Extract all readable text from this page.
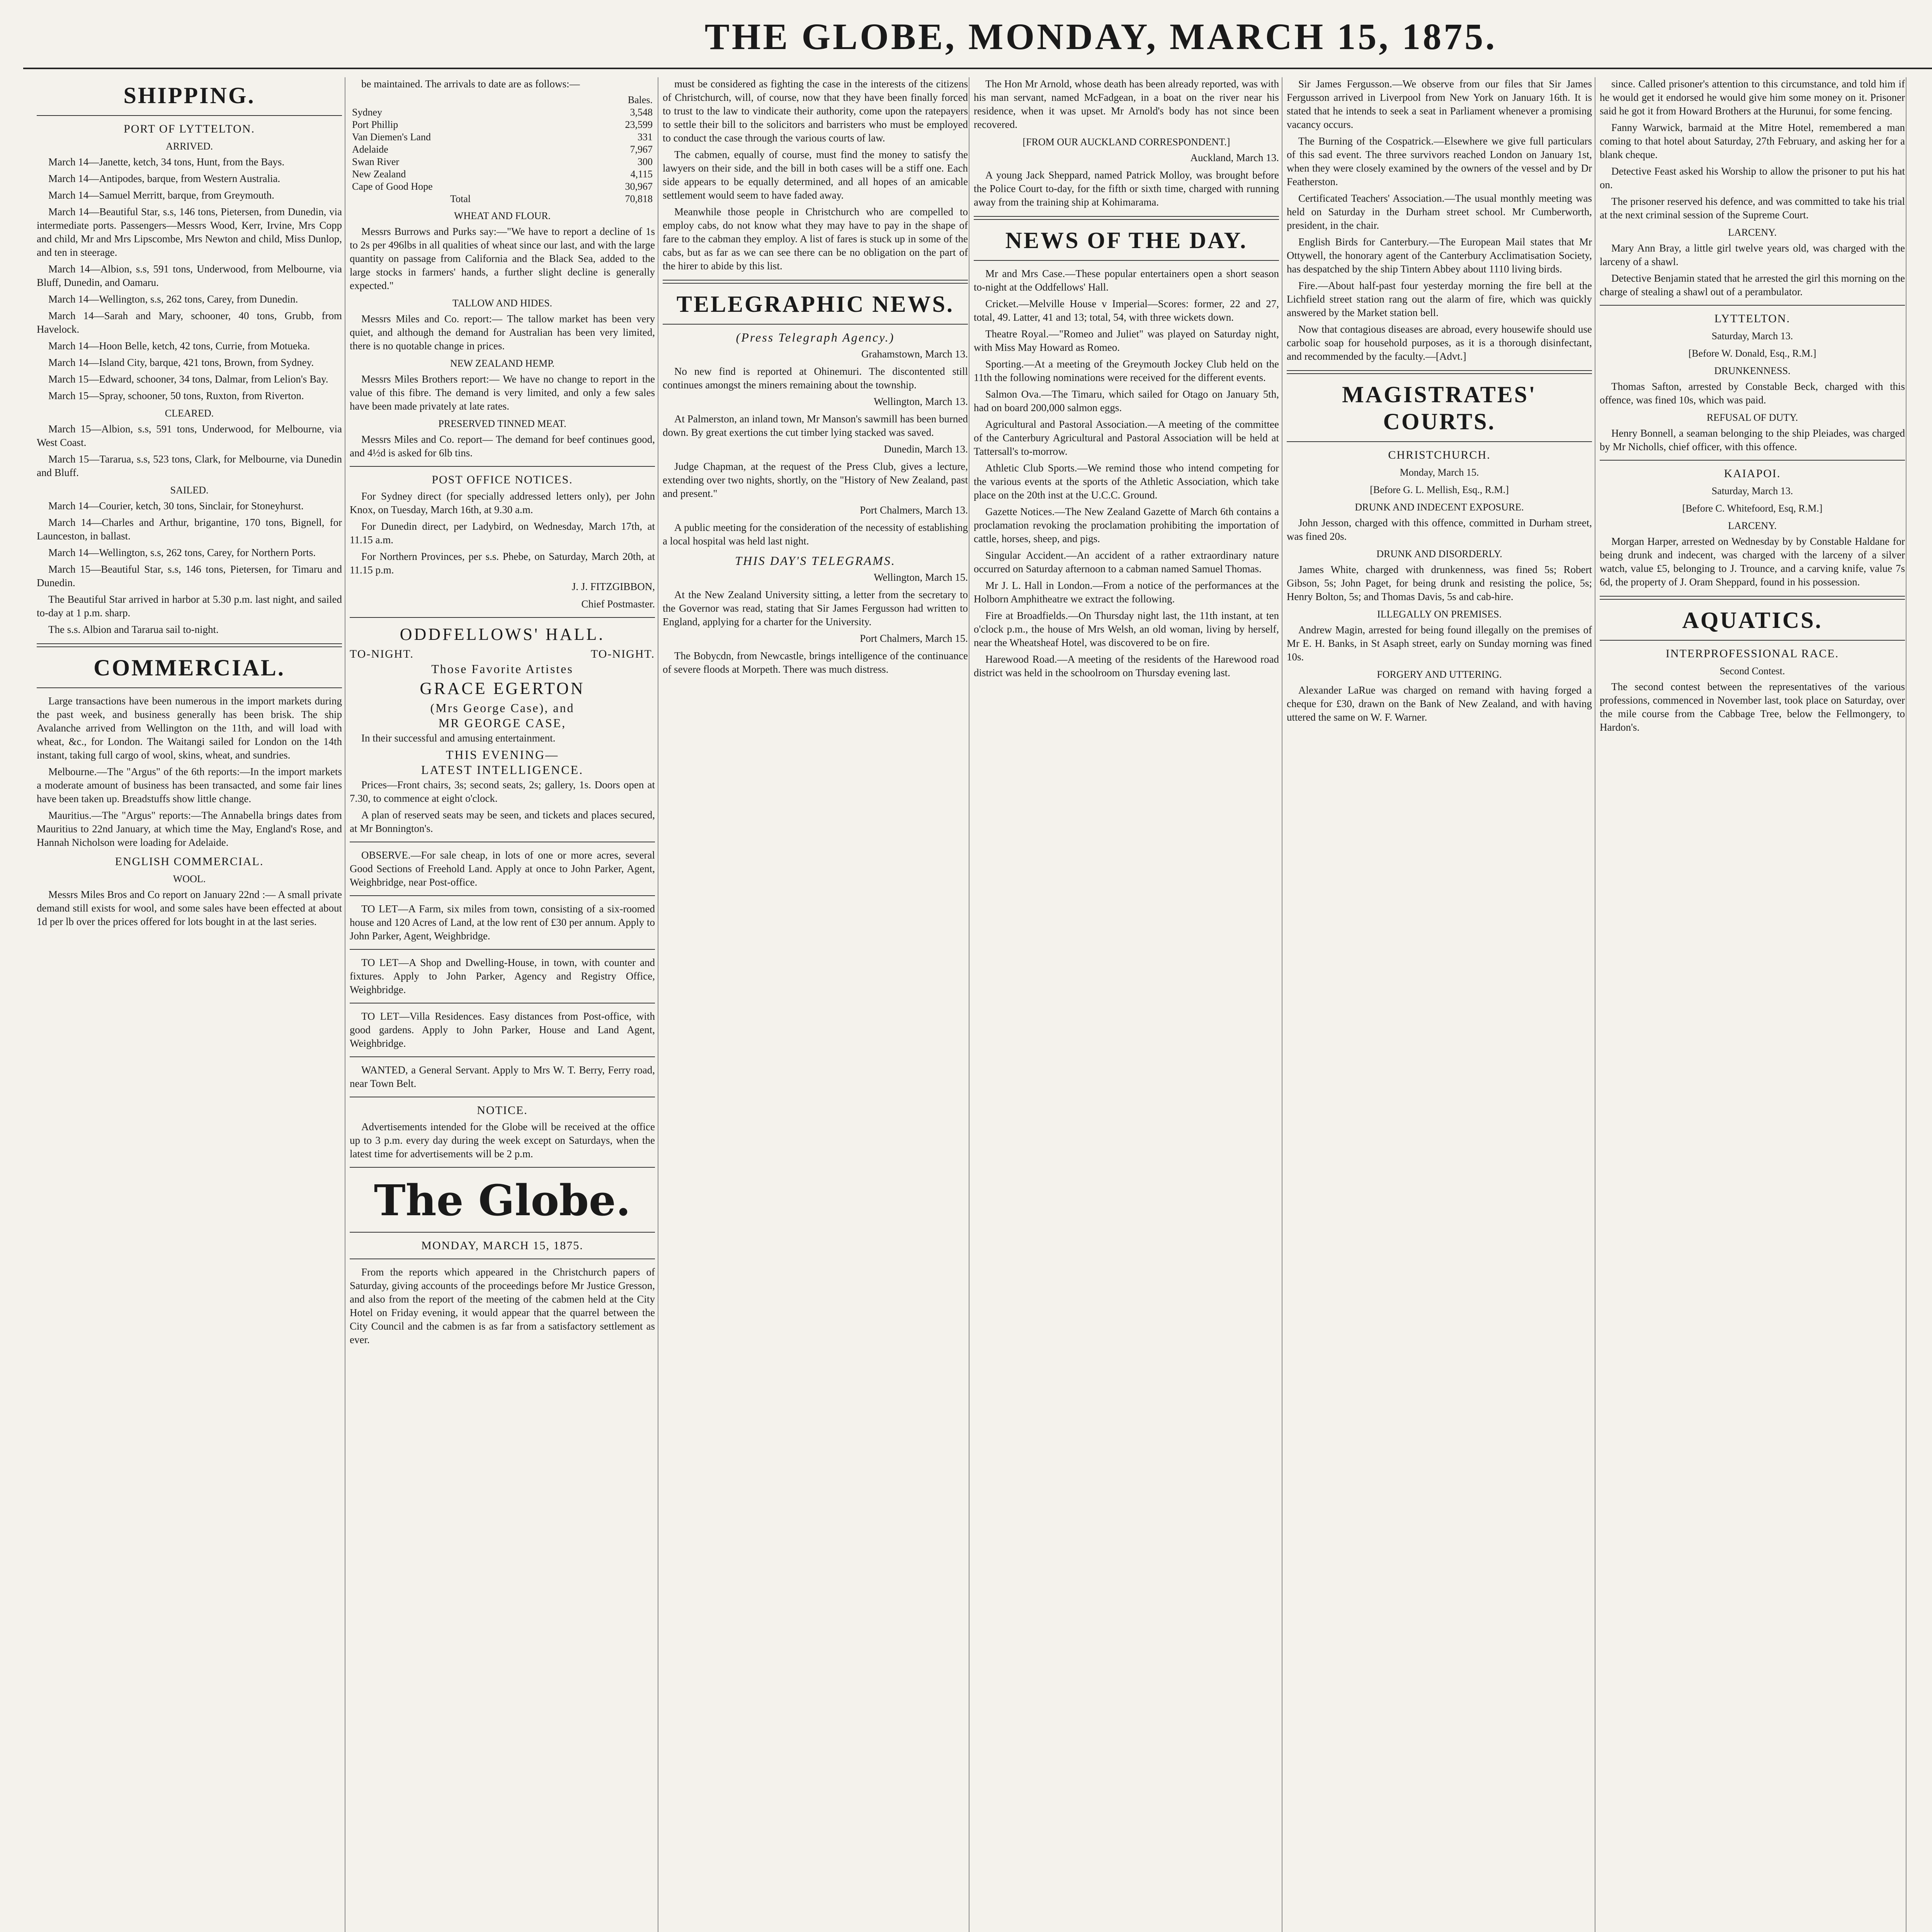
THE GLOBE, MONDAY, MARCH 15, 1875.
SHIPPING.
PORT OF LYTTELTON.
ARRIVED.

March 14—Janette, ketch, 34 tons, Hunt, from the Bays.

March 14—Antipodes, barque, from Western Australia.

March 14—Samuel Merritt, barque, from Greymouth.

March 14—Beautiful Star, s.s, 146 tons, Pietersen, from Dunedin, via intermediate ports. Passengers—Messrs Wood, Kerr, Irvine, Mrs Copp and child, Mr and Mrs Lipscombe, Mrs Newton and child, Miss Dunlop, and ten in steerage.

March 14—Albion, s.s, 591 tons, Underwood, from Melbourne, via Bluff, Dunedin, and Oamaru.

March 14—Wellington, s.s, 262 tons, Carey, from Dunedin.

March 14—Sarah and Mary, schooner, 40 tons, Grubb, from Havelock.

March 14—Hoon Belle, ketch, 42 tons, Currie, from Motueka.

March 14—Island City, barque, 421 tons, Brown, from Sydney.

March 15—Edward, schooner, 34 tons, Dalmar, from Lelion's Bay.

March 15—Spray, schooner, 50 tons, Ruxton, from Riverton.

CLEARED.

March 15—Albion, s.s, 591 tons, Underwood, for Melbourne, via West Coast.

March 15—Tararua, s.s, 523 tons, Clark, for Melbourne, via Dunedin and Bluff.

SAILED.

March 14—Courier, ketch, 30 tons, Sinclair, for Stoneyhurst.

March 14—Charles and Arthur, brigantine, 170 tons, Bignell, for Launceston, in ballast.

March 14—Wellington, s.s, 262 tons, Carey, for Northern Ports.

March 15—Beautiful Star, s.s, 146 tons, Pietersen, for Timaru and Dunedin.

The Beautiful Star arrived in harbor at 5.30 p.m. last night, and sailed to-day at 1 p.m. sharp.

The s.s. Albion and Tararua sail to-night.

COMMERCIAL.

Large transactions have been numerous in the import markets during the past week, and business generally has been brisk. The ship Avalanche arrived from Wellington on the 11th, and will load with wheat, &c., for London. The Waitangi sailed for London on the 14th instant, taking full cargo of wool, skins, wheat, and sundries.

Melbourne.—The "Argus" of the 6th reports:—In the import markets a moderate amount of business has been transacted, and some fair lines have been taken up. Breadstuffs show little change.

Mauritius.—The "Argus" reports:—The Annabella brings dates from Mauritius to 22nd January, at which time the May, England's Rose, and Hannah Nicholson were loading for Adelaide.

ENGLISH COMMERCIAL.
WOOL.

Messrs Miles Bros and Co report on January 22nd :— A small private demand still exists for wool, and some sales have been effected at about 1d per lb over the prices offered for lots bought in at the last series.

be maintained. The arrivals to date are as follows:—

	Bales.
Sydney	3,548
Port Phillip	23,599
Van Diemen's Land	331
Adelaide	7,967
Swan River	300
New Zealand	4,115
Cape of Good Hope	30,967
Total	70,818
WHEAT AND FLOUR.

Messrs Burrows and Purks say:—"We have to report a decline of 1s to 2s per 496lbs in all qualities of wheat since our last, and with the large quantity on passage from California and the Black Sea, added to the large stocks in farmers' hands, a further slight decline is generally expected."

TALLOW AND HIDES.

Messrs Miles and Co. report:— The tallow market has been very quiet, and although the demand for Australian has been very limited, there is no quotable change in prices.

NEW ZEALAND HEMP.

Messrs Miles Brothers report:— We have no change to report in the value of this fibre. The demand is very limited, and only a few sales have been made privately at late rates.

PRESERVED TINNED MEAT.

Messrs Miles and Co. report— The demand for beef continues good, and 4½d is asked for 6lb tins.

POST OFFICE NOTICES.

For Sydney direct (for specially addressed letters only), per John Knox, on Tuesday, March 16th, at 9.30 a.m.

For Dunedin direct, per Ladybird, on Wednesday, March 17th, at 11.15 a.m.

For Northern Provinces, per s.s. Phebe, on Saturday, March 20th, at 11.15 p.m.

J. J. FITZGIBBON,
Chief Postmaster.
ODDFELLOWS' HALL.
TO-NIGHT.	TO-NIGHT.
Those Favorite Artistes
GRACE EGERTON
(Mrs George Case), and
MR GEORGE CASE,

In their successful and amusing entertainment.

THIS EVENING—
LATEST INTELLIGENCE.

Prices—Front chairs, 3s; second seats, 2s; gallery, 1s. Doors open at 7.30, to commence at eight o'clock.

A plan of reserved seats may be seen, and tickets and places secured, at Mr Bonnington's.

OBSERVE.—For sale cheap, in lots of one or more acres, several Good Sections of Freehold Land. Apply at once to John Parker, Agent, Weighbridge, near Post-office.

TO LET—A Farm, six miles from town, consisting of a six-roomed house and 120 Acres of Land, at the low rent of £30 per annum. Apply to John Parker, Agent, Weighbridge.

TO LET—A Shop and Dwelling-House, in town, with counter and fixtures. Apply to John Parker, Agency and Registry Office, Weighbridge.

TO LET—Villa Residences. Easy distances from Post-office, with good gardens. Apply to John Parker, House and Land Agent, Weighbridge.

WANTED, a General Servant. Apply to Mrs W. T. Berry, Ferry road, near Town Belt.

NOTICE.

Advertisements intended for the Globe will be received at the office up to 3 p.m. every day during the week except on Saturdays, when the latest time for advertisements will be 2 p.m.

The Globe.
MONDAY, MARCH 15, 1875.

From the reports which appeared in the Christchurch papers of Saturday, giving accounts of the proceedings before Mr Justice Gresson, and also from the report of the meeting of the cabmen held at the City Hotel on Friday evening, it would appear that the quarrel between the City Council and the cabmen is as far from a satisfactory settlement as ever.

must be considered as fighting the case in the interests of the citizens of Christchurch, will, of course, now that they have been finally forced to trust to the law to vindicate their authority, come upon the ratepayers to settle their bill to the solicitors and barristers who must be employed to conduct the case through the various courts of law.

The cabmen, equally of course, must find the money to satisfy the lawyers on their side, and the bill in both cases will be a stiff one. Each side appears to be equally determined, and all hopes of an amicable settlement would seem to have faded away.

Meanwhile those people in Christchurch who are compelled to employ cabs, do not know what they may have to pay in the shape of fare to the cabman they employ. A list of fares is stuck up in some of the cabs, but as far as we can see there can be no obligation on the part of the hirer to abide by this list.

TELEGRAPHIC NEWS.
(Press Telegraph Agency.)
Grahamstown, March 13.

No new find is reported at Ohinemuri. The discontented still continues amongst the miners remaining about the township.

Wellington, March 13.

At Palmerston, an inland town, Mr Manson's sawmill has been burned down. By great exertions the cut timber lying stacked was saved.

Dunedin, March 13.

Judge Chapman, at the request of the Press Club, gives a lecture, extending over two nights, shortly, on the "History of New Zealand, past and present."

Port Chalmers, March 13.

A public meeting for the consideration of the necessity of establishing a local hospital was held last night.

THIS DAY'S TELEGRAMS.
Wellington, March 15.

At the New Zealand University sitting, a letter from the secretary to the Governor was read, stating that Sir James Fergusson had written to England, applying for a charter for the University.

Port Chalmers, March 15.

The Bobycdn, from Newcastle, brings intelligence of the continuance of severe floods at Morpeth. There was much distress.

The Hon Mr Arnold, whose death has been already reported, was with his man servant, named McFadgean, in a boat on the river near his residence, when it was upset. Mr Arnold's body has not since been recovered.

[FROM OUR AUCKLAND CORRESPONDENT.]
Auckland, March 13.

A young Jack Sheppard, named Patrick Molloy, was brought before the Police Court to-day, for the fifth or sixth time, charged with running away from the training ship at Kohimarama.

NEWS OF THE DAY.

Mr and Mrs Case.—These popular entertainers open a short season to-night at the Oddfellows' Hall.

Cricket.—Melville House v Imperial—Scores: former, 22 and 27, total, 49. Latter, 41 and 13; total, 54, with three wickets down.

Theatre Royal.—"Romeo and Juliet" was played on Saturday night, with Miss May Howard as Romeo.

Sporting.—At a meeting of the Greymouth Jockey Club held on the 11th the following nominations were received for the different events.

Salmon Ova.—The Timaru, which sailed for Otago on January 5th, had on board 200,000 salmon eggs.

Agricultural and Pastoral Association.—A meeting of the committee of the Canterbury Agricultural and Pastoral Association will be held at Tattersall's to-morrow.

Athletic Club Sports.—We remind those who intend competing for the various events at the sports of the Athletic Association, which take place on the 20th inst at the U.C.C. Ground.

Gazette Notices.—The New Zealand Gazette of March 6th contains a proclamation revoking the proclamation prohibiting the importation of cattle, horses, sheep, and pigs.

Singular Accident.—An accident of a rather extraordinary nature occurred on Saturday afternoon to a cabman named Samuel Thomas.

Mr J. L. Hall in London.—From a notice of the performances at the Holborn Amphitheatre we extract the following.

Fire at Broadfields.—On Thursday night last, the 11th instant, at ten o'clock p.m., the house of Mrs Welsh, an old woman, living by herself, near the Wheatsheaf Hotel, was discovered to be on fire.

Harewood Road.—A meeting of the residents of the Harewood road district was held in the schoolroom on Thursday evening last.

Sir James Fergusson.—We observe from our files that Sir James Fergusson arrived in Liverpool from New York on January 16th. It is stated that he intends to seek a seat in Parliament whenever a promising vacancy occurs.

The Burning of the Cospatrick.—Elsewhere we give full particulars of this sad event. The three survivors reached London on January 1st, when they were closely examined by the owners of the vessel and by Dr Featherston.

Certificated Teachers' Association.—The usual monthly meeting was held on Saturday in the Durham street school. Mr Cumberworth, president, in the chair.

English Birds for Canterbury.—The European Mail states that Mr Ottywell, the honorary agent of the Canterbury Acclimatisation Society, has despatched by the ship Tintern Abbey about 1110 living birds.

Fire.—About half-past four yesterday morning the fire bell at the Lichfield street station rang out the alarm of fire, which was quickly answered by the Market station bell.

Now that contagious diseases are abroad, every housewife should use carbolic soap for household purposes, as it is a thorough disinfectant, and recommended by the faculty.—[Advt.]

MAGISTRATES' COURTS.
CHRISTCHURCH.
Monday, March 15.
[Before G. L. Mellish, Esq., R.M.]
DRUNK AND INDECENT EXPOSURE.

John Jesson, charged with this offence, committed in Durham street, was fined 20s.

DRUNK AND DISORDERLY.

James White, charged with drunkenness, was fined 5s; Robert Gibson, 5s; John Paget, for being drunk and resisting the police, 5s; Henry Bolton, 5s; and Thomas Davis, 5s and cab-hire.

ILLEGALLY ON PREMISES.

Andrew Magin, arrested for being found illegally on the premises of Mr E. H. Banks, in St Asaph street, early on Sunday morning was fined 10s.

FORGERY AND UTTERING.

Alexander LaRue was charged on remand with having forged a cheque for £30, drawn on the Bank of New Zealand, and with having uttered the same on W. F. Warner.

since. Called prisoner's attention to this circumstance, and told him if he would get it endorsed he would give him some money on it. Prisoner said he got it from Howard Brothers at the Hurunui, for some fencing.

Fanny Warwick, barmaid at the Mitre Hotel, remembered a man coming to that hotel about Saturday, 27th February, and asking her for a blank cheque.

Detective Feast asked his Worship to allow the prisoner to put his hat on.

The prisoner reserved his defence, and was committed to take his trial at the next criminal session of the Supreme Court.

LARCENY.

Mary Ann Bray, a little girl twelve years old, was charged with the larceny of a shawl.

Detective Benjamin stated that he arrested the girl this morning on the charge of stealing a shawl out of a perambulator.

LYTTELTON.
Saturday, March 13.
[Before W. Donald, Esq., R.M.]
DRUNKENNESS.

Thomas Safton, arrested by Constable Beck, charged with this offence, was fined 10s, which was paid.

REFUSAL OF DUTY.

Henry Bonnell, a seaman belonging to the ship Pleiades, was charged by Mr Nicholls, chief officer, with this offence.

KAIAPOI.
Saturday, March 13.
[Before C. Whitefoord, Esq, R.M.]
LARCENY.

Morgan Harper, arrested on Wednesday by by Constable Haldane for being drunk and indecent, was charged with the larceny of a silver watch, value £5, belonging to J. Trounce, and a carving knife, value 7s 6d, the property of J. Oram Sheppard, found in his possession.

AQUATICS.
INTERPROFESSIONAL RACE.
Second Contest.

The second contest between the representatives of the various professions, commenced in November last, took place on Saturday, over the mile course from the Cabbage Tree, below the Fellmongery, to Hardon's.
